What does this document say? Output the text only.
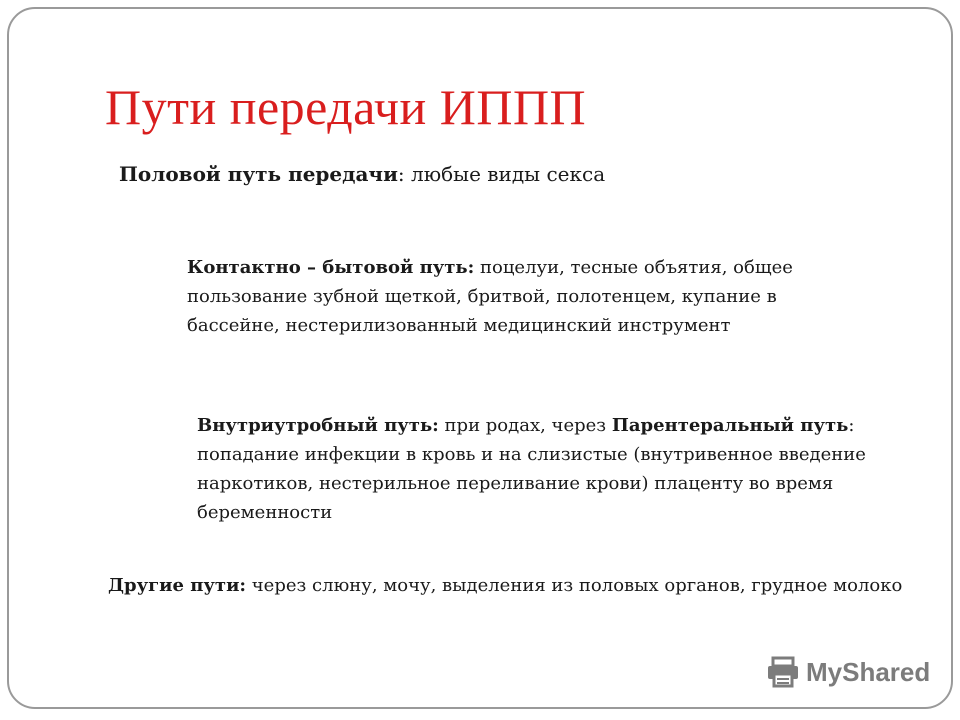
Пути передачи ИППП
Половой путь передачи: любые виды секса
Контактно – бытовой путь: поцелуи, тесные объятия, общее пользование зубной щеткой, бритвой, полотенцем, купание в бассейне, нестерилизованный медицинский инструмент
Внутриутробный путь: при родах, через Парентеральный путь: попадание инфекции в кровь и на слизистые (внутривенное введение наркотиков, нестерильное переливание крови) плаценту во время беременности
Другие пути: через слюну, мочу, выделения из половых органов, грудное молоко
MyShared
